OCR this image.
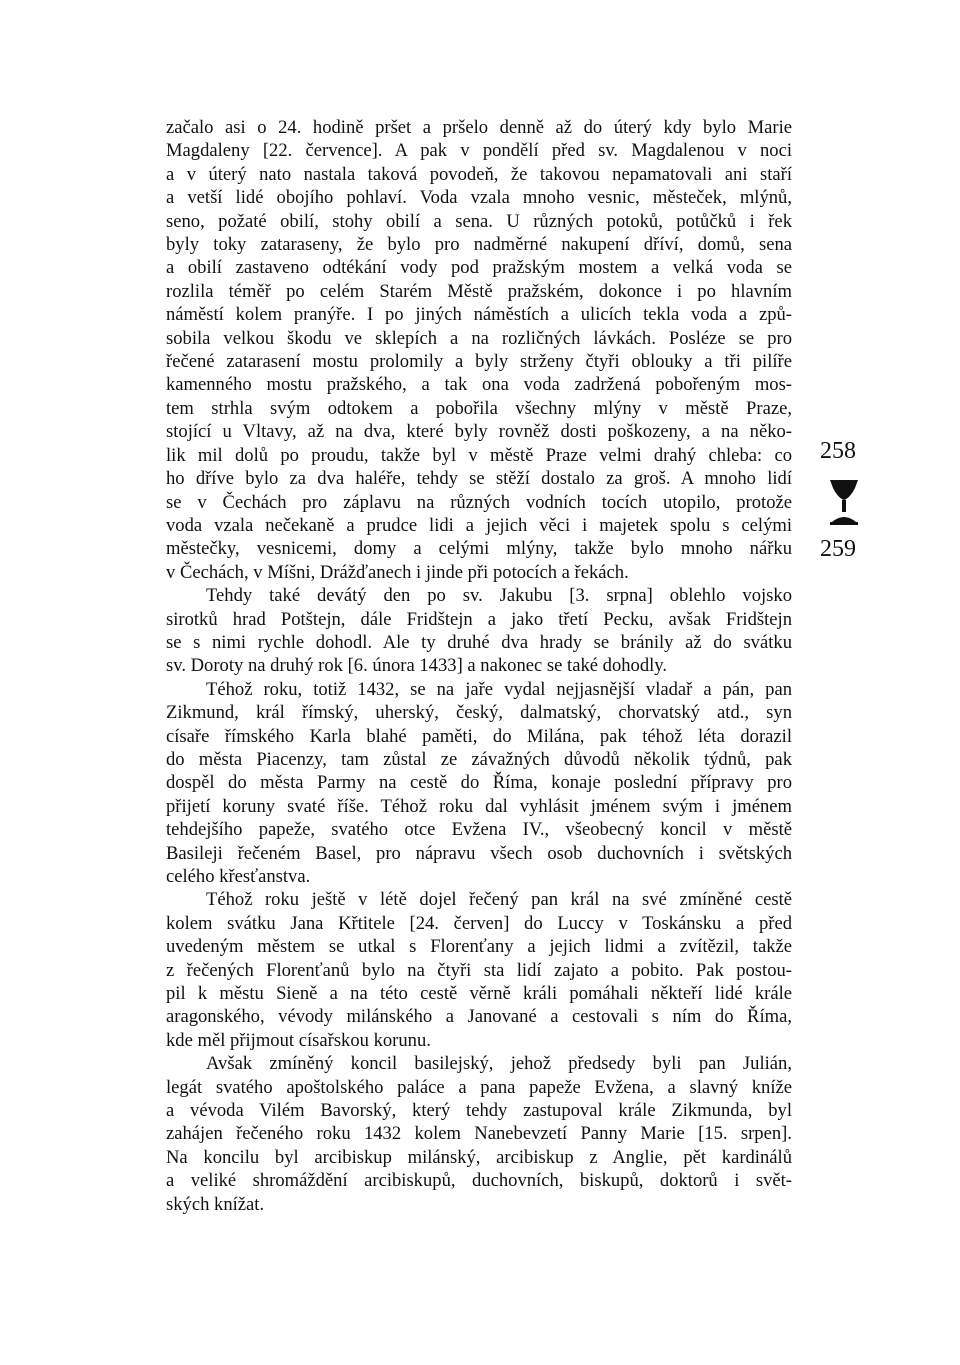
začalo asi o 24. hodině pršet a pršelo denně až do úterý kdy bylo Marie
Magdaleny [22. července]. A pak v pondělí před sv. Magdalenou v noci
a v úterý nato nastala taková povodeň, že takovou nepamatovali ani staří
a vetší lidé obojího pohlaví. Voda vzala mnoho vesnic, městeček, mlýnů,
seno, požaté obilí, stohy obilí a sena. U různých potoků, potůčků i řek
byly toky zataraseny, že bylo pro nadměrné nakupení dříví, domů, sena
a obilí zastaveno odtékání vody pod pražským mostem a velká voda se
rozlila téměř po celém Starém Městě pražském, dokonce i po hlavním
náměstí kolem pranýře. I po jiných náměstích a ulicích tekla voda a způ-
sobila velkou škodu ve sklepích a na rozličných lávkách. Posléze se pro
řečené zatarasení mostu prolomily a byly strženy čtyři oblouky a tři pilíře
kamenného mostu pražského, a tak ona voda zadržená pobořeným mos-
tem strhla svým odtokem a pobořila všechny mlýny v městě Praze,
stojící u Vltavy, až na dva, které byly rovněž dosti poškozeny, a na něko-
lik mil dolů po proudu, takže byl v městě Praze velmi drahý chleba: co
ho dříve bylo za dva haléře, tehdy se stěží dostalo za groš. A mnoho lidí
se v Čechách pro záplavu na různých vodních tocích utopilo, protože
voda vzala nečekaně a prudce lidi a jejich věci i majetek spolu s celými
městečky, vesnicemi, domy a celými mlýny, takže bylo mnoho nářku
v Čechách, v Míšni, Drážďanech i jinde při potocích a řekách.
Tehdy také devátý den po sv. Jakubu [3. srpna] oblehlo vojsko
sirotků hrad Potštejn, dále Fridštejn a jako třetí Pecku, avšak Fridštejn
se s nimi rychle dohodl. Ale ty druhé dva hrady se bránily až do svátku
sv. Doroty na druhý rok [6. února 1433] a nakonec se také dohodly.
Téhož roku, totiž 1432, se na jaře vydal nejjasnější vladař a pán, pan
Zikmund, král římský, uherský, český, dalmatský, chorvatský atd., syn
císaře římského Karla blahé paměti, do Milána, pak téhož léta dorazil
do města Piacenzy, tam zůstal ze závažných důvodů několik týdnů, pak
dospěl do města Parmy na cestě do Říma, konaje poslední přípravy pro
přijetí koruny svaté říše. Téhož roku dal vyhlásit jménem svým i jménem
tehdejšího papeže, svatého otce Evžena IV., všeobecný koncil v městě
Basileji řečeném Basel, pro nápravu všech osob duchovních i světských
celého křesťanstva.
Téhož roku ještě v létě dojel řečený pan král na své zmíněné cestě
kolem svátku Jana Křtitele [24. červen] do Luccy v Toskánsku a před
uvedeným městem se utkal s Florenťany a jejich lidmi a zvítězil, takže
z řečených Florenťanů bylo na čtyři sta lidí zajato a pobito. Pak postou-
pil k městu Sieně a na této cestě věrně králi pomáhali někteří lidé krále
aragonského, vévody milánského a Janované a cestovali s ním do Říma,
kde měl přijmout císařskou korunu.
Avšak zmíněný koncil basilejský, jehož předsedy byli pan Julián,
legát svatého apoštolského paláce a pana papeže Evžena, a slavný kníže
a vévoda Vilém Bavorský, který tehdy zastupoval krále Zikmunda, byl
zahájen řečeného roku 1432 kolem Nanebevzetí Panny Marie [15. srpen].
Na koncilu byl arcibiskup milánský, arcibiskup z Anglie, pět kardinálů
a veliké shromáždění arcibiskupů, duchovních, biskupů, doktorů i svět-
ských knížat.
258
259
